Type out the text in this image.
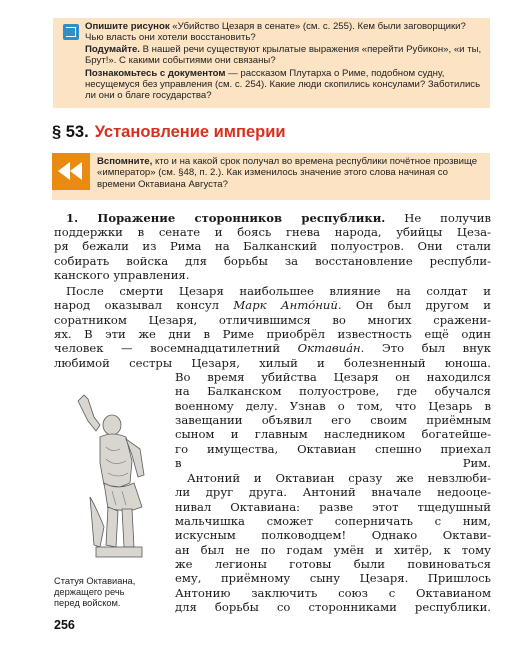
Опишите рисунок «Убийство Цезаря в сенате» (см. с. 255). Кем были заговорщики? Чью власть они хотели восстановить?

Подумайте. В нашей речи существуют крылатые выражения «перейти Рубикон», «и ты, Брут!». С какими событиями они связаны?

Познакомьтесь с документом — рассказом Плутарха о Риме, подобном судну, несущемуся без управления (см. с. 254). Какие люди скопились консулами? Заботились ли они о благе государства?

§ 53. Установление империи

Вспомните, кто и на какой срок получал во времена республики почётное прозвище «император» (см. §48, п. 2.). Как изменилось значение этого слова начиная со времени Октавиана Августа?

1. Поражение сторонников республики. Не получив
поддержки в сенате и боясь гнева народа, убийцы Цеза-
ря бежали из Рима на Балканский полуостров. Они стали
собирать войска для борьбы за восстановление республи-
канского управления.
После смерти Цезаря наибольшее влияние на солдат и
народ оказывал консул Марк Анто́ний. Он был другом и
соратником Цезаря, отличившимся во многих сражени-
ях. В эти же дни в Риме приобрёл известность ещё один
человек — восемнадцатилетний Октавиа́н. Это был внук
любимой сестры Цезаря, хилый и болезненный юноша.
Во время убийства Цезаря он находился
на Балканском полуострове, где обучался
военному делу. Узнав о том, что Цезарь в
завещании объявил его своим приёмным
сыном и главным наследником богатейше-
го имущества, Октавиан спешно приехал
в Рим.
Антоний и Октавиан сразу же невзлюби-
ли друг друга. Антоний вначале недооце-
нивал Октавиана: разве этот тщедушный
мальчишка сможет соперничать с ним,
искусным полководцем! Однако Октави-
ан был не по годам умён и хитёр, к тому
же легионы готовы были повиноваться
ему, приёмному сыну Цезаря. Пришлось
Антонию заключить союз с Октавианом
для борьбы со сторонниками республики.
Статуя Октавиана,
держащего речь
перед войском.
256
